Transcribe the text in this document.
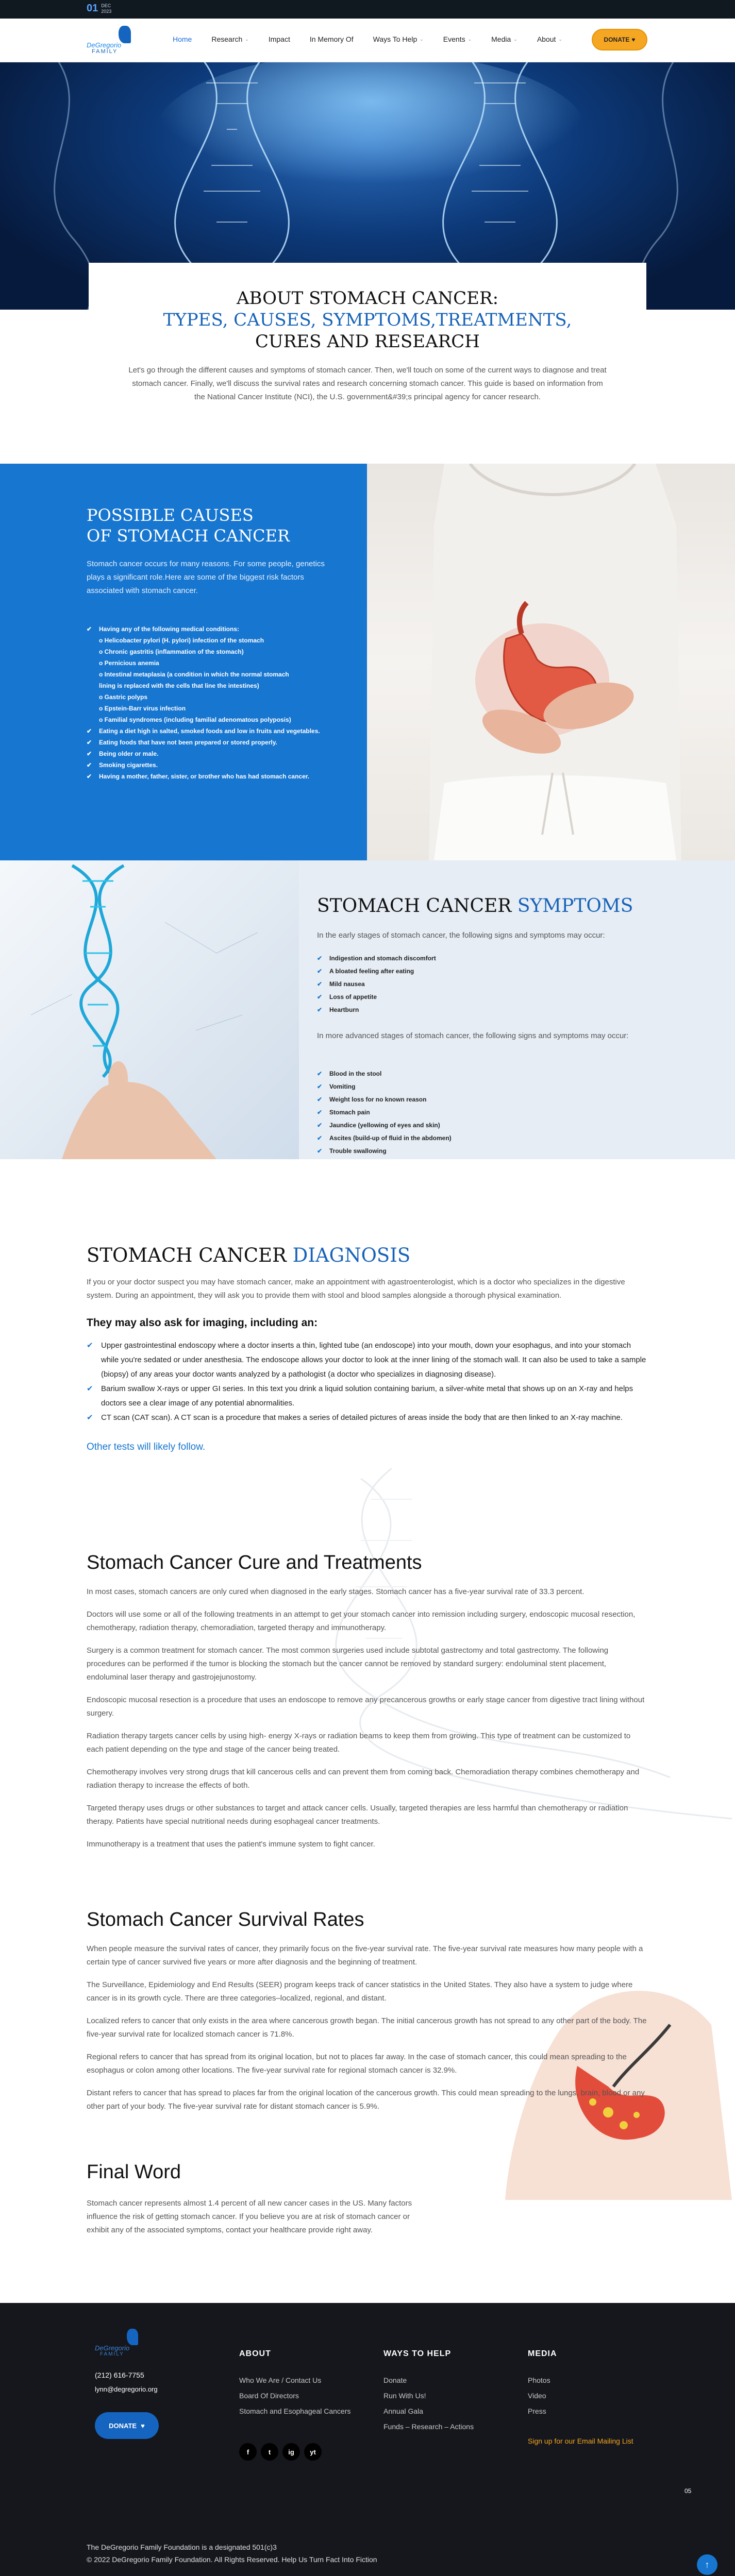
01 DEC
2023
DeGregorio
FAMILY
Home	Research ⌄	Impact	In Memory Of	Ways To Help ⌄	Events ⌄	Media ⌄	About ⌄	DONATE ♥
ABOUT STOMACH CANCER:
TYPES, CAUSES, SYMPTOMS,TREATMENTS,
CURES AND RESEARCH

Let's go through the different causes and symptoms of stomach cancer. Then, we'll touch on some of the current ways to diagnose and treat stomach cancer. Finally, we'll discuss the survival rates and research concerning stomach cancer. This guide is based on information from the National Cancer Institute (NCI), the U.S. government&#39;s principal agency for cancer research.

POSSIBLE CAUSES
OF STOMACH CANCER

Stomach cancer occurs for many reasons. For some people, genetics plays a significant role.Here are some of the biggest risk factors associated with stomach cancer.

✔	Having any of the following medical conditions:
o Helicobacter pylori (H. pylori) infection of the stomach
o Chronic gastritis (inflammation of the stomach)
o Pernicious anemia
o Intestinal metaplasia (a condition in which the normal stomach
lining is replaced with the cells that line the intestines)
o Gastric polyps
o Epstein-Barr virus infection
o Familial syndromes (including familial adenomatous polyposis)
✔	Eating a diet high in salted, smoked foods and low in fruits and vegetables.
✔	Eating foods that have not been prepared or stored properly.
✔	Being older or male.
✔	Smoking cigarettes.
✔	Having a mother, father, sister, or brother who has had stomach cancer.
STOMACH CANCER SYMPTOMS

In the early stages of stomach cancer, the following signs and symptoms may occur:

✔	Indigestion and stomach discomfort
✔	A bloated feeling after eating
✔	Mild nausea
✔	Loss of appetite
✔	Heartburn

In more advanced stages of stomach cancer, the following signs and symptoms may occur:

✔	Blood in the stool
✔	Vomiting
✔	Weight loss for no known reason
✔	Stomach pain
✔	Jaundice (yellowing of eyes and skin)
✔	Ascites (build-up of fluid in the abdomen)
✔	Trouble swallowing
STOMACH CANCER DIAGNOSIS

If you or your doctor suspect you may have stomach cancer, make an appointment with agastroenterologist, which is a doctor who specializes in the digestive system. During an appointment, they will ask you to provide them with stool and blood samples alongside a thorough physical examination.

They may also ask for imaging, including an:
✔ Upper gastrointestinal endoscopy where a doctor inserts a thin, lighted tube (an endoscope) into your mouth, down your esophagus, and into your stomach while you're sedated or under anesthesia. The endoscope allows your doctor to look at the inner lining of the stomach wall. It can also be used to take a sample (biopsy) of any areas your doctor wants analyzed by a pathologist (a doctor who specializes in diagnosing disease).
✔ Barium swallow X-rays or upper GI series. In this text you drink a liquid solution containing barium, a silver-white metal that shows up on an X-ray and helps doctors see a clear image of any potential abnormalities.
✔ CT scan (CAT scan). A CT scan is a procedure that makes a series of detailed pictures of areas inside the body that are then linked to an X-ray machine.

Other tests will likely follow.

Stomach Cancer Cure and Treatments

In most cases, stomach cancers are only cured when diagnosed in the early stages. Stomach cancer has a five-year survival rate of 33.3 percent.

Doctors will use some or all of the following treatments in an attempt to get your stomach cancer into remission including surgery, endoscopic mucosal resection, chemotherapy, radiation therapy, chemoradiation, targeted therapy and immunotherapy.

Surgery is a common treatment for stomach cancer. The most common surgeries used include subtotal gastrectomy and total gastrectomy. The following procedures can be performed if the tumor is blocking the stomach but the cancer cannot be removed by standard surgery: endoluminal stent placement, endoluminal laser therapy and gastrojejunostomy.

Endoscopic mucosal resection is a procedure that uses an endoscope to remove any precancerous growths or early stage cancer from digestive tract lining without surgery.

Radiation therapy targets cancer cells by using high- energy X-rays or radiation beams to keep them from growing. This type of treatment can be customized to each patient depending on the type and stage of the cancer being treated.

Chemotherapy involves very strong drugs that kill cancerous cells and can prevent them from coming back. Chemoradiation therapy combines chemotherapy and radiation therapy to increase the effects of both.

Targeted therapy uses drugs or other substances to target and attack cancer cells. Usually, targeted therapies are less harmful than chemotherapy or radiation therapy. Patients have special nutritional needs during esophageal cancer treatments.

Immunotherapy is a treatment that uses the patient's immune system to fight cancer.

Stomach Cancer Survival Rates

When people measure the survival rates of cancer, they primarily focus on the five-year survival rate. The five-year survival rate measures how many people with a certain type of cancer survived five years or more after diagnosis and the beginning of treatment.

The Surveillance, Epidemiology and End Results (SEER) program keeps track of cancer statistics in the United States. They also have a system to judge where cancer is in its growth cycle. There are three categories–localized, regional, and distant.

Localized refers to cancer that only exists in the area where cancerous growth began. The initial cancerous growth has not spread to any other part of the body. The five-year survival rate for localized stomach cancer is 71.8%.

Regional refers to cancer that has spread from its original location, but not to places far away. In the case of stomach cancer, this could mean spreading to the esophagus or colon among other locations. The five-year survival rate for regional stomach cancer is 32.9%.

Distant refers to cancer that has spread to places far from the original location of the cancerous growth. This could mean spreading to the lungs, brain, blood or any other part of your body. The five-year survival rate for distant stomach cancer is 5.9%.

Final Word

Stomach cancer represents almost 1.4 percent of all new cancer cases in the US. Many factors influence the risk of getting stomach cancer. If you believe you are at risk of stomach cancer or exhibit any of the associated symptoms, contact your healthcare provide right away.

DeGregorio
FAMILY
(212) 616-7755
lynn@degregorio.org
DONATE ♥
ABOUT
Who We Are / Contact Us
Board Of Directors
Stomach and Esophageal Cancers
WAYS TO HELP
Donate
Run With Us!
Annual Gala
Funds – Research – Actions
MEDIA
Photos
Video
Press
Sign up for our Email Mailing List
f	t	ig yt
05
The DeGregorio Family Foundation is a designated 501(c)3
© 2022 DeGregorio Family Foundation. All Rights Reserved. Help Us Turn Fact Into Fiction	↑
